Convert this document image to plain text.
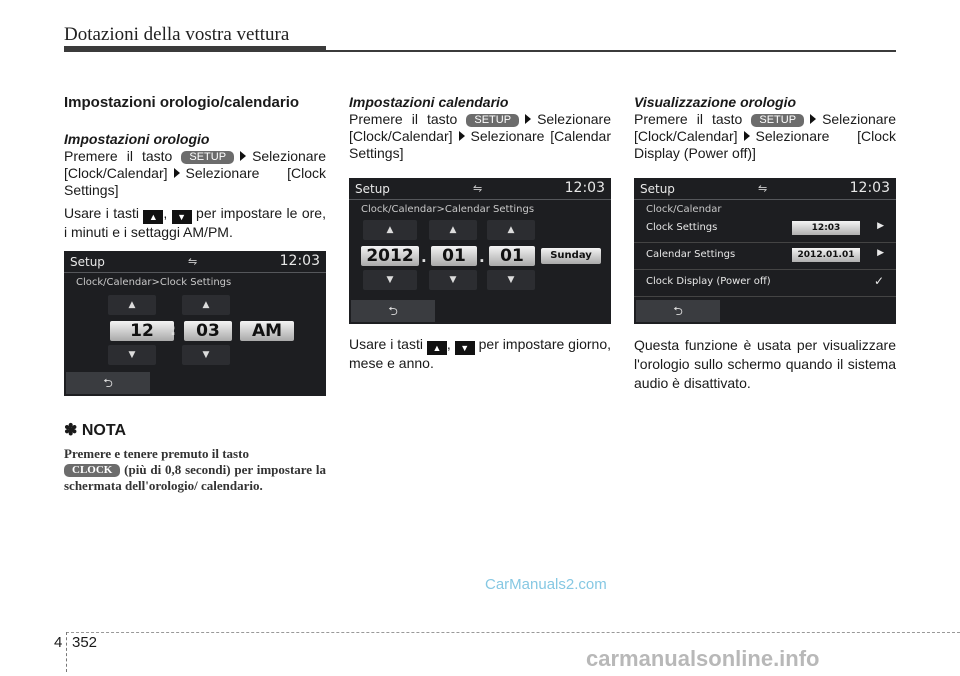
Dotazioni della vostra vettura
Impostazioni orologio/calendario
Impostazioni orologio

Premere il tasto SETUP Selezionare [Clock/Calendar] Selezionare [Clock Settings]

Usare i tasti ▲ , ▼ per impostare le ore, i minuti e i settaggi AM/PM.

Setup	⇋	12:03
Clock/Calendar>Clock Settings
▲	▲
12	:	03	AM
▼	▼
⮌
✽ NOTA
Premere e tenere premuto il tasto
CLOCK (più di 0,8 secondi) per impostare la schermata dell'orologio/ calendario.
Impostazioni calendario

Premere il tasto SETUP Selezionare [Clock/Calendar] Selezionare [Calendar Settings]

Setup	⇋	12:03
Clock/Calendar>Calendar Settings
▲	▲	▲
2012 . 01 . 01	Sunday
▼	▼	▼
⮌

Usare i tasti ▲ , ▼ per impostare giorno, mese e anno.

Visualizzazione orologio

Premere il tasto SETUP Selezionare [Clock/Calendar] Selezionare [Clock Display (Power off)]

Setup	⇋	12:03
Clock/Calendar
Clock Settings	12:03	▶
Calendar Settings	2012.01.01	▶
Clock Display (Power off)	✓
⮌

Questa funzione è usata per visualizzare l'orologio sullo schermo quando il sistema audio è disattivato.

CarManuals2.com
4 352
carmanualsonline.info
